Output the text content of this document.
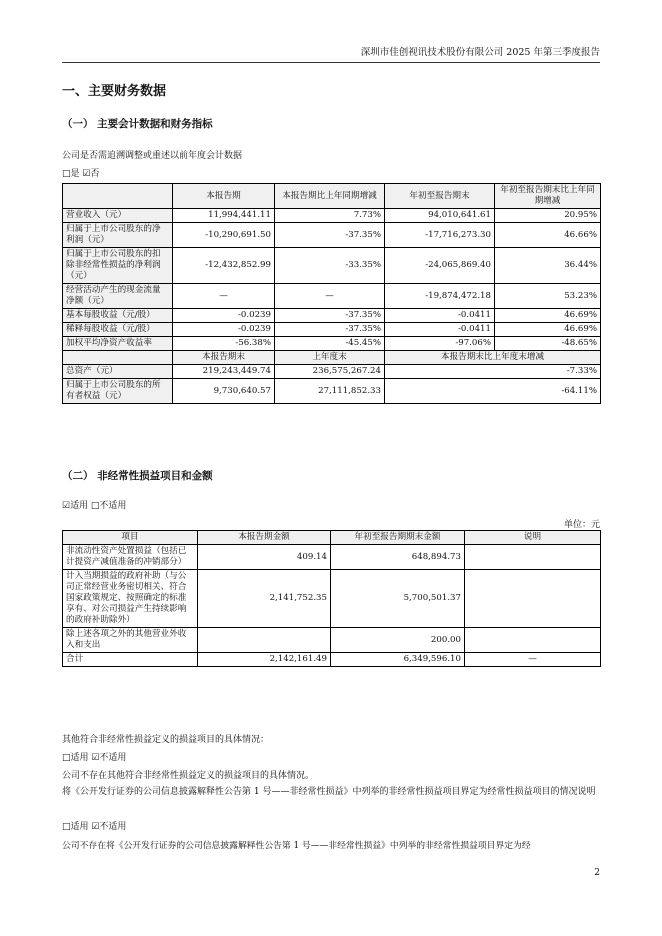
深圳市佳创视讯技术股份有限公司 2025 年第三季度报告
一、主要财务数据
（一） 主要会计数据和财务指标
公司是否需追溯调整或重述以前年度会计数据
□是 ☑否
	本报告期	本报告期比上年同期增减	年初至报告期末	年初至报告期末比上年同期增减
营业收入（元）	11,994,441.11	7.73%	94,010,641.61	20.95%
归属于上市公司股东的净利润（元）	-10,290,691.50	-37.35%	-17,716,273.30	46.66%
归属于上市公司股东的扣除非经常性损益的净利润（元）	-12,432,852.99	-33.35%	-24,065,869.40	36.44%
经营活动产生的现金流量净额（元）	—	—	-19,874,472.18	53.23%
基本每股收益（元/股）	-0.0239	-37.35%	-0.0411	46.69%
稀释每股收益（元/股）	-0.0239	-37.35%	-0.0411	46.69%
加权平均净资产收益率	-56.38%	-45.45%	-97.06%	-48.65%
	本报告期末	上年度末	本报告期末比上年度末增减	
总资产（元）	219,243,449.74	236,575,267.24	-7.33%	
归属于上市公司股东的所有者权益（元）	9,730,640.57	27,111,852.33	-64.11%	
（二） 非经常性损益项目和金额
☑适用 □不适用
单位：元
项目	本报告期金额	年初至报告期期末金额	说明
非流动性资产处置损益（包括已计提资产减值准备的冲销部分）	409.14	648,894.73	
计入当期损益的政府补助（与公司正常经营业务密切相关、符合国家政策规定、按照确定的标准享有、对公司损益产生持续影响的政府补助除外）	2,141,752.35	5,700,501.37	
除上述各项之外的其他营业外收入和支出		200.00	
合计	2,142,161.49	6,349,596.10	—
其他符合非经常性损益定义的损益项目的具体情况：
□适用 ☑不适用
公司不存在其他符合非经常性损益定义的损益项目的具体情况。
将《公开发行证券的公司信息披露解释性公告第 1 号——非经常性损益》中列举的非经常性损益项目界定为经常性损益项目的情况说明
□适用 ☑不适用
公司不存在将《公开发行证券的公司信息披露解释性公告第 1 号——非经常性损益》中列举的非经常性损益项目界定为经
2
